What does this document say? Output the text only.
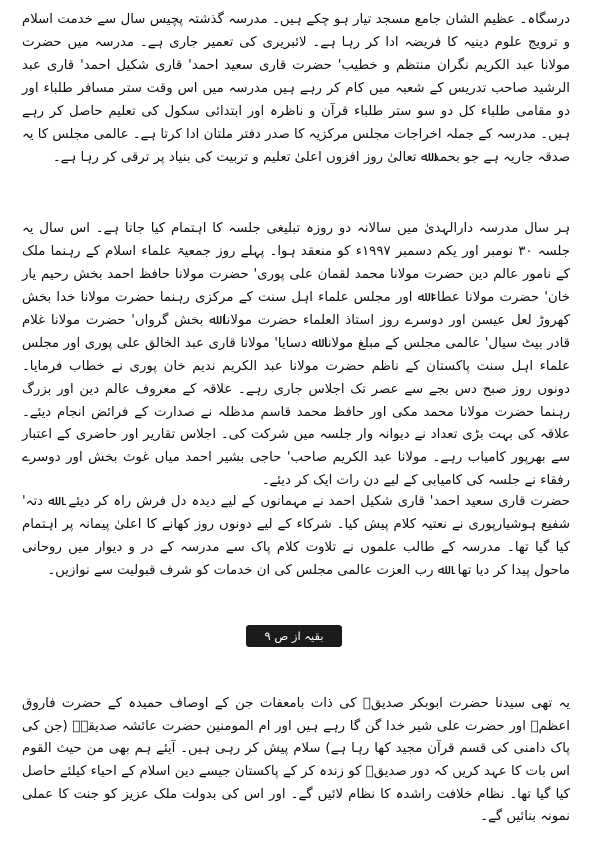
درسگاہ۔ عظیم الشان جامع مسجد تیار ہو چکے ہیں۔ مدرسہ گذشتہ پچیس سال سے خدمت اسلام و ترویج علوم دینیہ کا فریضہ ادا کر رہا ہے۔ لائبریری کی تعمیر جاری ہے۔ مدرسہ میں حضرت مولانا عبد الکریم نگران منتظم و خطیب' حضرت قاری سعید احمد' قاری شکیل احمد' قاری عبد الرشید صاحب تدریس کے شعبہ میں کام کر رہے ہیں مدرسہ میں اس وقت ستر مسافر طلباء اور دو مقامی طلباء کل دو سو ستر طلباء قرآن و ناظرہ اور ابتدائی سکول کی تعلیم حاصل کر رہے ہیں۔ مدرسہ کے جملہ اخراجات مجلس مرکزیہ کا صدر دفتر ملتان ادا کرتا ہے۔ عالمی مجلس کا یہ صدقہ جاریہ ہے جو بحمد ﷲ تعالیٰ روز افزوں اعلیٰ تعلیم و تربیت کی بنیاد پر ترقی کر رہا ہے۔

ہر سال مدرسہ دارالہدیٰ میں سالانہ دو روزہ تبلیغی جلسہ کا اہتمام کیا جاتا ہے۔ اس سال یہ جلسہ ۳۰ نومبر اور یکم دسمبر ۱۹۹۷ء کو منعقد ہوا۔ پہلے روز جمعیۃ علماء اسلام کے رہنما ملک کے نامور عالم دین حضرت مولانا محمد لقمان علی پوری' حضرت مولانا حافظ احمد بخش رحیم یار خان' حضرت مولانا عطاء ﷲ اور مجلس علماء اہل سنت کے مرکزی رہنما حضرت مولانا خدا بخش کھروڑ لعل عیسن اور دوسرے روز استاذ العلماء حضرت مولانا ﷲ بخش گرواں' حضرت مولانا غلام قادر بیٹ سیال' عالمی مجلس کے مبلغ مولانا ﷲ دسایا' مولانا قاری عبد الخالق علی پوری اور مجلس علماء اہل سنت پاکستان کے ناظم حضرت مولانا عبد الکریم ندیم خان پوری نے خطاب فرمایا۔ دونوں روز صبح دس بجے سے عصر تک اجلاس جاری رہے۔ علاقہ کے معروف عالم دین اور بزرگ رہنما حضرت مولانا محمد مکی اور حافظ محمد قاسم مدظلہ نے صدارت کے فرائض انجام دیئے۔ علاقہ کی بہت بڑی تعداد نے دیوانہ وار جلسہ میں شرکت کی۔ اجلاس تقاریر اور حاضری کے اعتبار سے بھرپور کامیاب رہے۔ مولانا عبد الکریم صاحب' حاجی بشیر احمد میاں غوث بخش اور دوسرے رفقاء نے جلسہ کی کامیابی کے لیے دن رات ایک کر دیئے۔

حضرت قاری سعید احمد' قاری شکیل احمد نے مہمانوں کے لیے دیدہ دل فرش راہ کر دیئے۔ ﷲ دتہ' شفیع ہوشیارپوری نے نعتیہ کلام پیش کیا۔ شرکاء کے لیے دونوں روز کھانے کا اعلیٰ پیمانہ پر اہتمام کیا گیا تھا۔ مدرسہ کے طالب علموں نے تلاوت کلام پاک سے مدرسہ کے در و دیوار میں روحانی ماحول پیدا کر دیا تھا۔ ﷲ رب العزت عالمی مجلس کی ان خدمات کو شرف قبولیت سے نوازیں۔

بقیہ از ص ۹

یہ تھی سیدنا حضرت ابوبکر صدیقؓ کی ذات بامعفات جن کے اوصاف حمیدہ کے حضرت فاروق اعظمؓ اور حضرت علی شیر خدا گن گا رہے ہیں اور ام المومنین حضرت عائشہ صدیقہؓ (جن کی پاک دامنی کی قسم قرآن مجید کھا رہا ہے) سلام پیش کر رہی ہیں۔ آیئے ہم بھی من حیث القوم اس بات کا عہد کریں کہ دور صدیقؓ کو زندہ کر کے پاکستان جیسے دین اسلام کے احیاء کیلئے حاصل کیا گیا تھا۔ نظام خلافت راشدہ کا نظام لائیں گے۔ اور اس کی بدولت ملک عزیز کو جنت کا عملی نمونہ بنائیں گے۔
